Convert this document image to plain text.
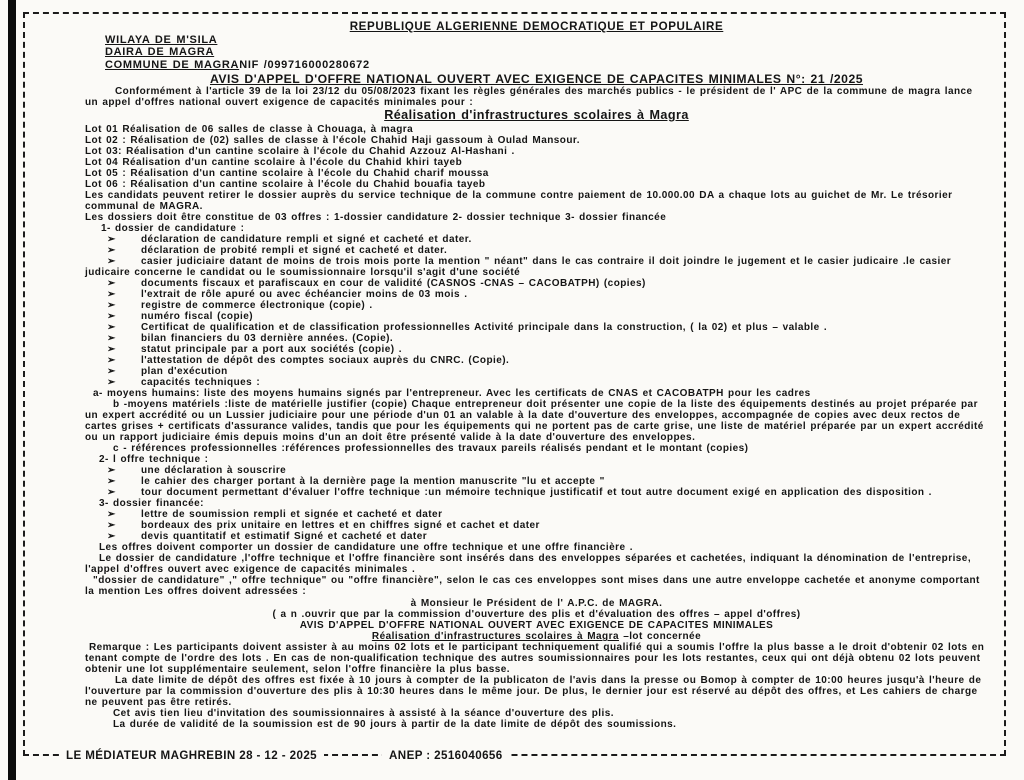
REPUBLIQUE ALGERIENNE DEMOCRATIQUE ET POPULAIRE
WILAYA DE M'SILA
DAIRA DE MAGRA
COMMUNE DE MAGRA NIF /099716000280672
AVIS D'APPEL D'OFFRE NATIONAL OUVERT AVEC EXIGENCE DE CAPACITES MINIMALES N°: 21 /2025
Conformément à l'article 39 de la loi 23/12 du 05/08/2023 fixant les règles générales des marchés publics - le président de l' APC de la commune de magra lance un appel d'offres national ouvert exigence de capacités minimales pour :
Réalisation d'infrastructures scolaires à Magra
Lot 01 Réalisation de 06 salles de classe à Chouaga, à magra
Lot 02 : Réalisation de (02) salles de classe à l'école Chahid Haji gassoum à Oulad Mansour.
Lot 03: Réalisation d'un cantine scolaire à l'école du Chahid Azzouz Al-Hashani .
Lot 04 Réalisation d'un cantine scolaire à l'école du Chahid khiri tayeb
Lot 05 : Réalisation d'un cantine scolaire à l'école du Chahid charif moussa
Lot 06 : Réalisation d'un cantine scolaire à l'école du Chahid bouafia tayeb
Les candidats peuvent retirer le dossier auprès du service technique de la commune contre paiement de 10.000.00 DA a chaque lots au guichet de Mr. Le trésorier communal de MAGRA.
Les dossiers doit être constitue de 03 offres : 1-dossier candidature 2- dossier technique 3- dossier financée
1- dossier de candidature :
➢	déclaration de candidature rempli et signé et cacheté et dater.
➢	déclaration de probité rempli et signé et cacheté et dater.
➢	casier judiciaire datant de moins de trois mois porte la mention " néant" dans le cas contraire il doit joindre le jugement et le casier judicaire .le casier judicaire concerne le candidat ou le soumissionnaire lorsqu'il s'agit d'une société
➢	documents fiscaux et parafiscaux en cour de validité (CASNOS -CNAS – CACOBATPH) (copies)
➢	l'extrait de rôle apuré ou avec échéancier moins de 03 mois .
➢	registre de commerce électronique (copie) .
➢	numéro fiscal (copie)
➢	Certificat de qualification et de classification professionnelles Activité principale dans la construction, ( la 02) et plus – valable .
➢	bilan financiers du 03 dernière années. (Copie).
➢	statut principale par a port aux sociétés (copie) .
➢	l'attestation de dépôt des comptes sociaux auprès du CNRC. (Copie).
➢	plan d'exécution
➢	capacités techniques :
a- moyens humains: liste des moyens humains signés par l'entrepreneur. Avec les certificats de CNAS et CACOBATPH pour les cadres
b -moyens matériels :liste de matérielle justifier (copie) Chaque entrepreneur doit présenter une copie de la liste des équipements destinés au projet préparée par un expert accrédité ou un Lussier judiciaire pour une période d'un 01 an valable à la date d'ouverture des enveloppes, accompagnée de copies avec deux rectos de cartes grises + certificats d'assurance valides, tandis que pour les équipements qui ne portent pas de carte grise, une liste de matériel préparée par un expert accrédité ou un rapport judiciaire émis depuis moins d'un an doit être présenté valide à la date d'ouverture des enveloppes.
c - références professionnelles :références professionnelles des travaux pareils réalisés pendant et le montant (copies)
2- l offre technique :
➢	une déclaration à souscrire
➢	le cahier des charger portant à la dernière page la mention manuscrite "lu et accepte "
➢	tour document permettant d'évaluer l'offre technique :un mémoire technique justificatif et tout autre document exigé en application des disposition .
3- dossier financée:
➢	lettre de soumission rempli et signée et cacheté et dater
➢	bordeaux des prix unitaire en lettres et en chiffres signé et cachet et dater
➢	devis quantitatif et estimatif Signé et cacheté et dater
Les offres doivent comporter un dossier de candidature une offre technique et une offre financière .
Le dossier de candidature ,l'offre technique et l'offre financière sont insérés dans des enveloppes séparées et cachetées, indiquant la dénomination de l'entreprise, l'appel d'offres ouvert avec exigence de capacités minimales .
"dossier de candidature" ," offre technique" ou "offre financière", selon le cas ces enveloppes sont mises dans une autre enveloppe cachetée et anonyme comportant la mention Les offres doivent adressées :
à Monsieur le Président de l' A.P.C. de MAGRA.
( a n .ouvrir que par la commission d'ouverture des plis et d'évaluation des offres – appel d'offres)
AVIS D'APPEL D'OFFRE NATIONAL OUVERT AVEC EXIGENCE DE CAPACITES MINIMALES
Réalisation d'infrastructures scolaires à Magra –lot concernée
Remarque : Les participants doivent assister à au moins 02 lots et le participant techniquement qualifié qui a soumis l'offre la plus basse a le droit d'obtenir 02 lots en tenant compte de l'ordre des lots . En cas de non-qualification technique des autres soumissionnaires pour les lots restantes, ceux qui ont déjà obtenu 02 lots peuvent obtenir une lot supplémentaire seulement, selon l'offre financière la plus basse.
La date limite de dépôt des offres est fixée à 10 jours à compter de la publicaton de l'avis dans la presse ou Bomop à compter de 10:00 heures jusqu'à l'heure de l'ouverture par la commission d'ouverture des plis à 10:30 heures dans le même jour. De plus, le dernier jour est réservé au dépôt des offres, et Les cahiers de charge ne peuvent pas être retirés.
Cet avis tien lieu d'invitation des soumissionnaires à assisté à la séance d'ouverture des plis.
La durée de validité de la soumission est de 90 jours à partir de la date limite de dépôt des soumissions.
LE MÉDIATEUR MAGHREBIN 28 - 12 - 2025	ANEP : 2516040656
